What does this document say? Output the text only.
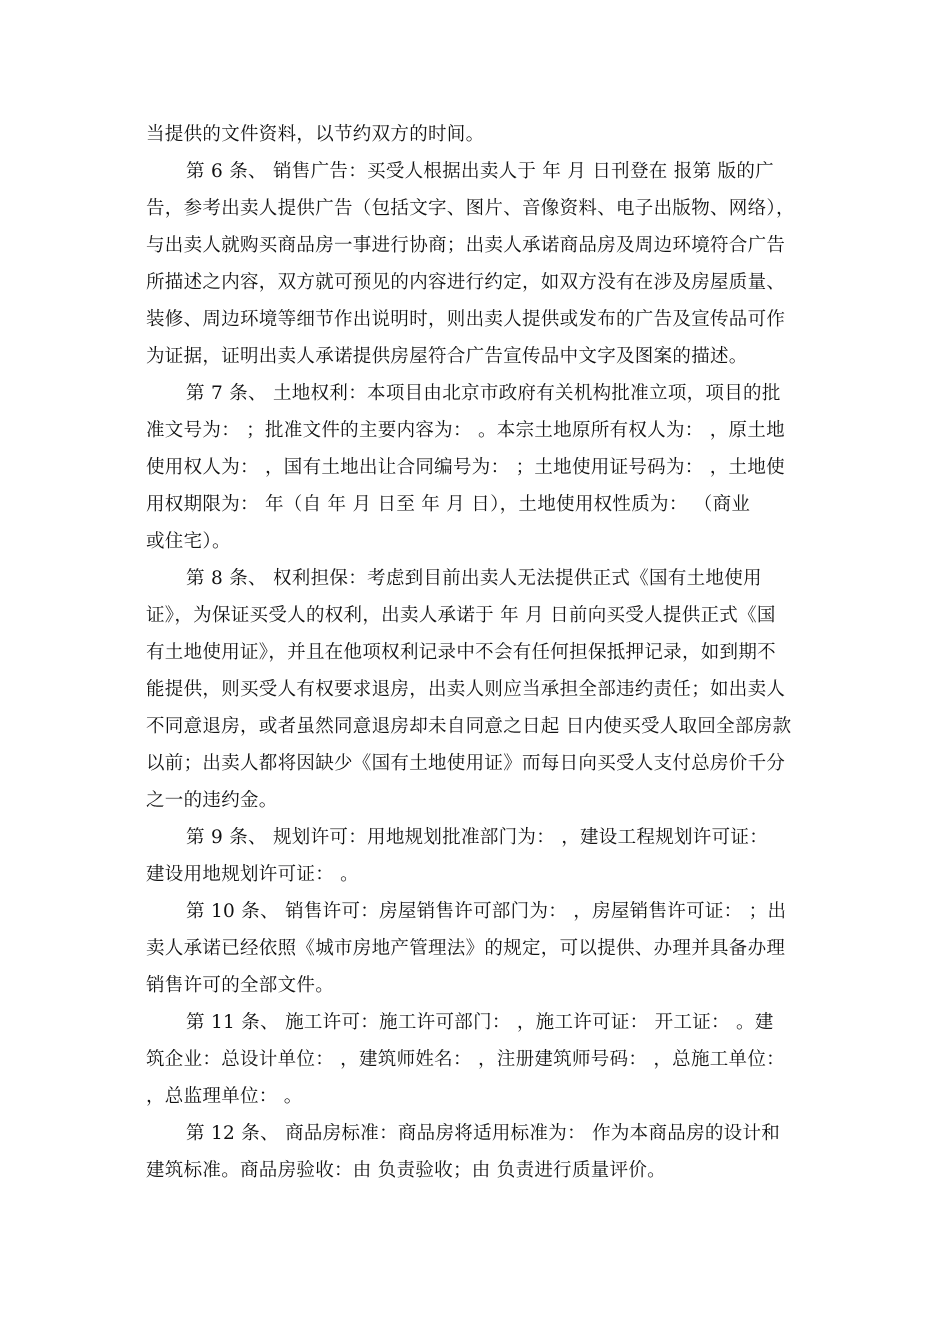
当提供的文件资料，以节约双方的时间。
第 6 条、 销售广告：买受人根据出卖人于 年 月 日刊登在 报第 版的广
告，参考出卖人提供广告（包括文字、图片、音像资料、电子出版物、网络），
与出卖人就购买商品房一事进行协商；出卖人承诺商品房及周边环境符合广告
所描述之内容，双方就可预见的内容进行约定，如双方没有在涉及房屋质量、
装修、周边环境等细节作出说明时，则出卖人提供或发布的广告及宣传品可作
为证据，证明出卖人承诺提供房屋符合广告宣传品中文字及图案的描述。
第 7 条、 土地权利：本项目由北京市政府有关机构批准立项，项目的批
准文号为： ；批准文件的主要内容为： 。本宗土地原所有权人为： ，原土地
使用权人为： ，国有土地出让合同编号为： ；土地使用证号码为： ，土地使
用权期限为： 年（自 年 月 日至 年 月 日），土地使用权性质为： （商业
或住宅）。
第 8 条、 权利担保：考虑到目前出卖人无法提供正式《国有土地使用
证》，为保证买受人的权利，出卖人承诺于 年 月 日前向买受人提供正式《国
有土地使用证》，并且在他项权利记录中不会有任何担保抵押记录，如到期不
能提供，则买受人有权要求退房，出卖人则应当承担全部违约责任；如出卖人
不同意退房，或者虽然同意退房却未自同意之日起 日内使买受人取回全部房款
以前；出卖人都将因缺少《国有土地使用证》而每日向买受人支付总房价千分
之一的违约金。
第 9 条、 规划许可：用地规划批准部门为： ，建设工程规划许可证：
建设用地规划许可证： 。
第 10 条、 销售许可：房屋销售许可部门为： ，房屋销售许可证： ；出
卖人承诺已经依照《城市房地产管理法》的规定，可以提供、办理并具备办理
销售许可的全部文件。
第 11 条、 施工许可：施工许可部门： ，施工许可证： 开工证： 。建
筑企业：总设计单位： ，建筑师姓名： ，注册建筑师号码： ，总施工单位：
，总监理单位： 。
第 12 条、 商品房标准：商品房将适用标准为： 作为本商品房的设计和
建筑标准。商品房验收：由 负责验收；由 负责进行质量评价。
